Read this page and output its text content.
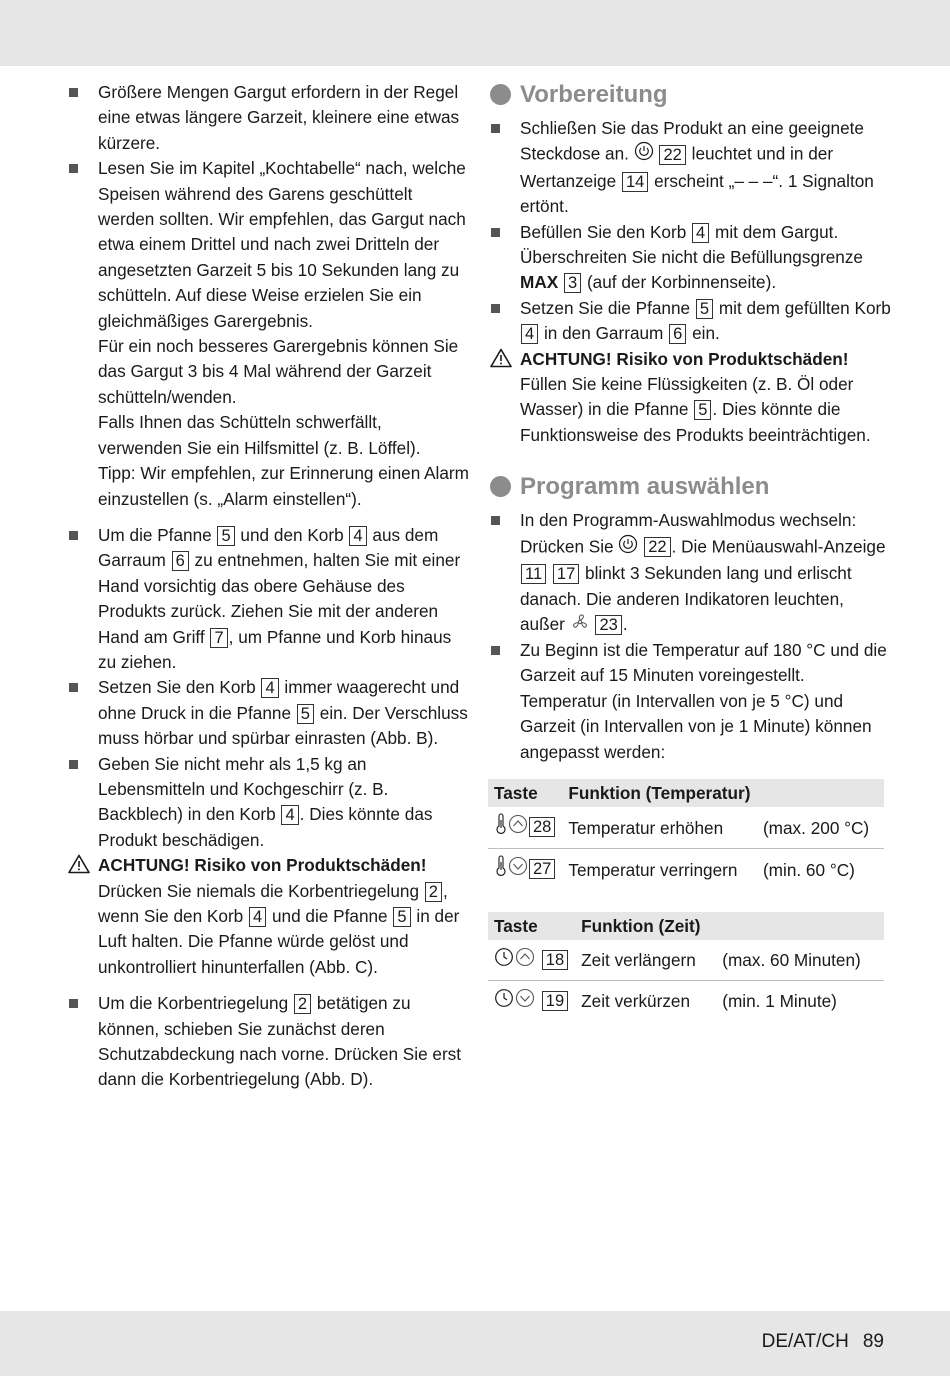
Größere Mengen Gargut erfordern in der Regel eine etwas längere Garzeit, kleinere eine etwas kürzere.
Lesen Sie im Kapitel „Kochtabelle“ nach, welche Speisen während des Garens geschüttelt werden sollten. Wir empfehlen, das Gargut nach etwa einem Drittel und nach zwei Dritteln der angesetzten Garzeit 5 bis 10 Sekunden lang zu schütteln. Auf diese Weise erzielen Sie ein gleichmäßiges Garergebnis.
Für ein noch besseres Garergebnis können Sie das Gargut 3 bis 4 Mal während der Garzeit schütteln/wenden.
Falls Ihnen das Schütteln schwerfällt, verwenden Sie ein Hilfsmittel (z. B. Löffel).
Tipp: Wir empfehlen, zur Erinnerung einen Alarm einzustellen (s. „Alarm einstellen“).
Um die Pfanne 5 und den Korb 4 aus dem Garraum 6 zu entnehmen, halten Sie mit einer Hand vorsichtig das obere Gehäuse des Produkts zurück. Ziehen Sie mit der anderen Hand am Griff 7 , um Pfanne und Korb hinaus zu ziehen.
Setzen Sie den Korb 4 immer waagerecht und ohne Druck in die Pfanne 5 ein. Der Verschluss muss hörbar und spürbar einrasten (Abb. B).
Geben Sie nicht mehr als 1,5 kg an Lebensmitteln und Kochgeschirr (z. B. Backblech) in den Korb 4 . Dies könnte das Produkt beschädigen.
ACHTUNG! Risiko von Produktschäden! Drücken Sie niemals die Korbentriegelung 2 , wenn Sie den Korb 4 und die Pfanne 5 in der Luft halten. Die Pfanne würde gelöst und unkontrolliert hinunterfallen (Abb. C).
Um die Korbentriegelung 2 betätigen zu können, schieben Sie zunächst deren Schutzabdeckung nach vorne. Drücken Sie erst dann die Korbentriegelung (Abb. D).
Vorbereitung
Schließen Sie das Produkt an eine geeignete Steckdose an.  22 leuchtet und in der Wertanzeige 14 erscheint „– – –“. 1 Signalton ertönt.
Befüllen Sie den Korb 4 mit dem Gargut. Überschreiten Sie nicht die Befüllungsgrenze MAX 3 (auf der Korbinnenseite).
Setzen Sie die Pfanne 5 mit dem gefüllten Korb 4 in den Garraum 6 ein.
ACHTUNG! Risiko von Produktschäden! Füllen Sie keine Flüssigkeiten (z. B. Öl oder Wasser) in die Pfanne 5 . Dies könnte die Funktionsweise des Produkts beeinträchtigen.
Programm auswählen
In den Programm-Auswahlmodus wechseln: Drücken Sie  22 . Die Menüauswahl-Anzeige 11 17 blinkt 3 Sekunden lang und erlischt danach. Die anderen Indikatoren leuchten, außer  23 .
Zu Beginn ist die Temperatur auf 180 °C und die Garzeit auf 15 Minuten voreingestellt. Temperatur (in Intervallen von je 5 °C) und Garzeit (in Intervallen von je 1 Minute) können angepasst werden:
Taste	Funktion (Temperatur)	
28	Temperatur erhöhen	(max. 200 °C)
27	Temperatur verringern	(min. 60 °C)
Taste	Funktion (Zeit)	
18	Zeit verlängern	(max. 60 Minuten)
19	Zeit verkürzen	(min. 1 Minute)
DE/AT/CH 89
